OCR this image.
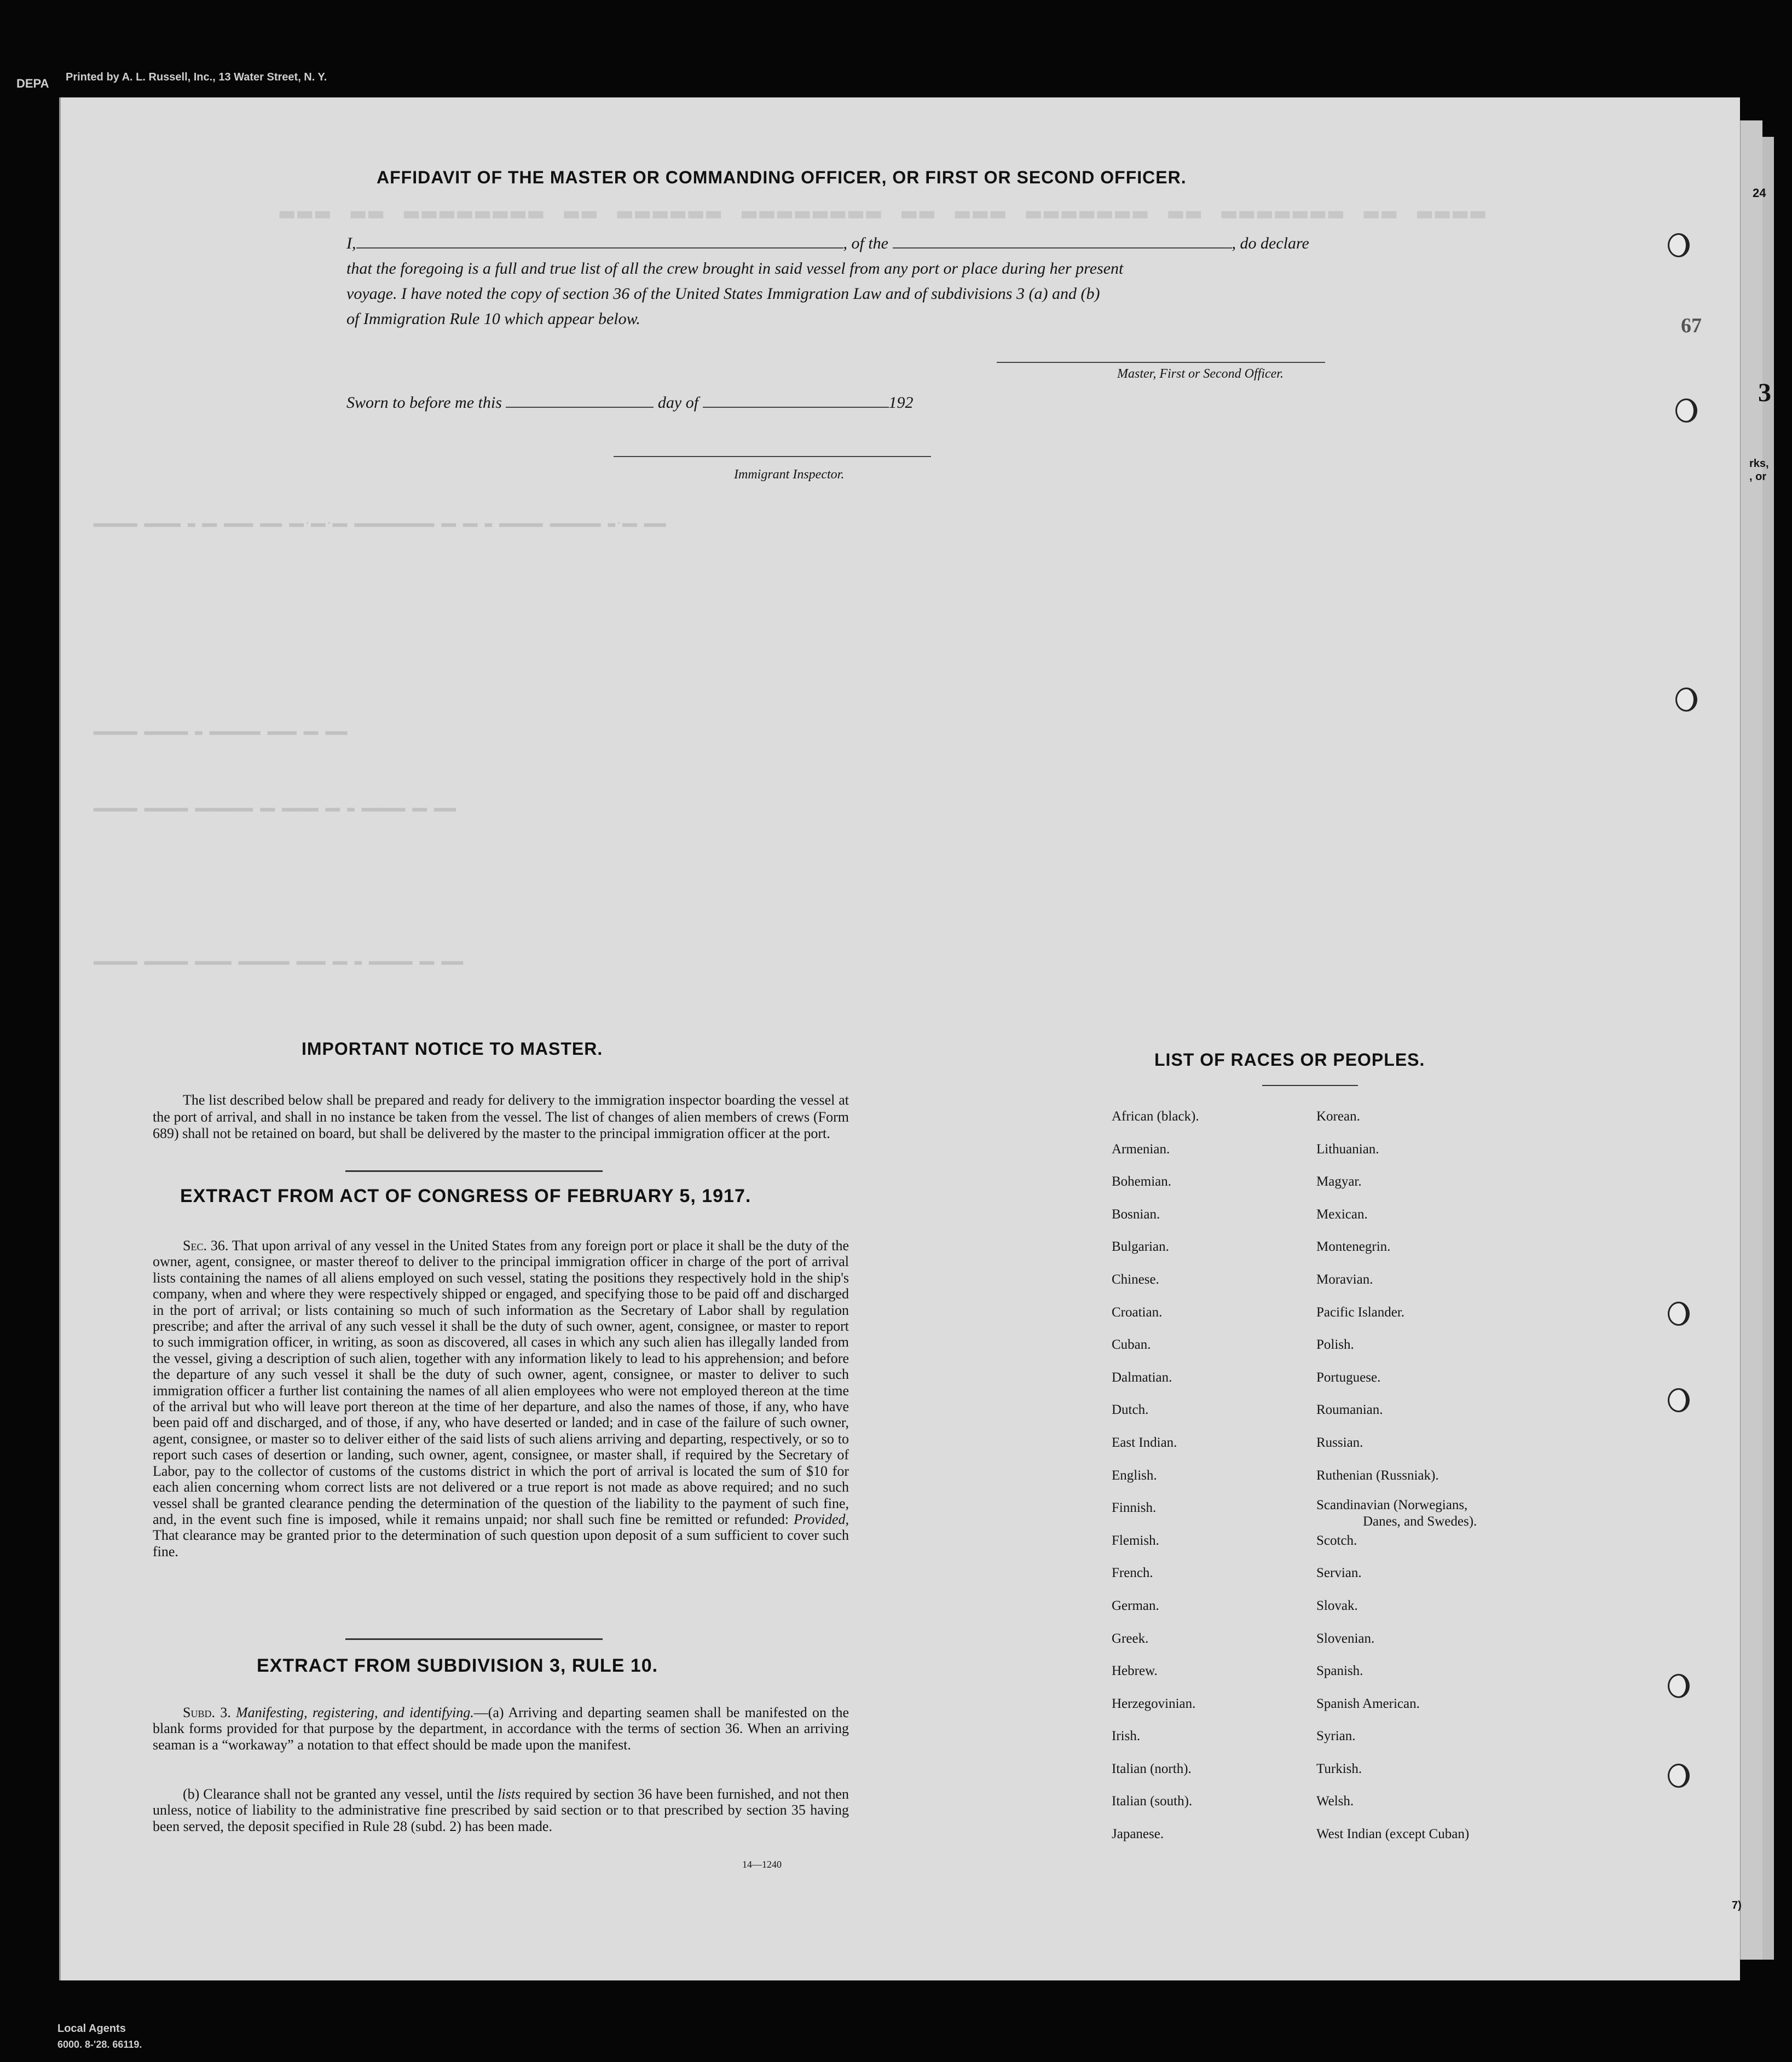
Printed by A. L. Russell, Inc., 13 Water Street, N. Y.
DEPA
Local Agents
6000. 8-'28. 66119.
▂▂▂ ▂▂ ▂▂▂▂▂▂▂▂ ▂▂ ▂▂▂▂▂▂ ▂▂▂▂▂▂▂▂ ▂▂ ▂▂▂ ▂▂▂▂▂▂▂ ▂▂ ▂▂▂▂▂▂▂ ▂▂ ▂▂▂▂
▂▂▂▂▂▂ ▂▂▂▂▂ ▂ ▂▂ ▂▂▂▂ ▂▂▂ ▂▂.▂▂.▂▂ ▂▂▂▂▂▂▂▂▂▂▂ ▂▂ ▂▂ ▂ ▂▂▂▂▂▂ ▂▂▂▂▂▂▂ ▂.▂▂ ▂▂▂
▂▂▂▂▂▂ ▂▂▂▂▂▂ ▂ ▂▂▂▂▂▂▂ ▂▂▂▂ ▂▂ ▂▂▂
▂▂▂▂▂▂ ▂▂▂▂▂▂ ▂▂▂▂▂▂▂▂ ▂▂ ▂▂▂▂▂ ▂▂ ▂ ▂▂▂▂▂▂ ▂▂ ▂▂▂
▂▂▂▂▂▂ ▂▂▂▂▂▂ ▂▂▂▂▂ ▂▂▂▂▂▂▂ ▂▂▂▂ ▂▂ ▂ ▂▂▂▂▂▂ ▂▂ ▂▂▂
AFFIDAVIT OF THE MASTER OR COMMANDING OFFICER, OR FIRST OR SECOND OFFICER.
I,	, of the	, do declare
that the foregoing is a full and true list of all the crew brought in said vessel from any port or place during her present
voyage. I have noted the copy of section 36 of the United States Immigration Law and of subdivisions 3 (a) and (b)
of Immigration Rule 10 which appear below.
Master, First or Second Officer.
Sworn to before me this	day of	192
Immigrant Inspector.
IMPORTANT NOTICE TO MASTER.
The list described below shall be prepared and ready for delivery to the immigration inspector boarding the vessel at the port of arrival, and shall in no instance be taken from the vessel. The list of changes of alien members of crews (Form 689) shall not be retained on board, but shall be delivered by the master to the principal immigration officer at the port.
EXTRACT FROM ACT OF CONGRESS OF FEBRUARY 5, 1917.
Sec. 36. That upon arrival of any vessel in the United States from any foreign port or place it shall be the duty of the owner, agent, consignee, or master thereof to deliver to the principal immigration officer in charge of the port of arrival lists containing the names of all aliens employed on such vessel, stating the positions they respectively hold in the ship's company, when and where they were respectively shipped or engaged, and specifying those to be paid off and discharged in the port of arrival; or lists containing so much of such information as the Secretary of Labor shall by regulation prescribe; and after the arrival of any such vessel it shall be the duty of such owner, agent, consignee, or master to report to such immigration officer, in writing, as soon as discovered, all cases in which any such alien has illegally landed from the vessel, giving a description of such alien, together with any information likely to lead to his apprehension; and before the departure of any such vessel it shall be the duty of such owner, agent, consignee, or master to deliver to such immigration officer a further list containing the names of all alien employees who were not employed thereon at the time of the arrival but who will leave port thereon at the time of her departure, and also the names of those, if any, who have been paid off and discharged, and of those, if any, who have deserted or landed; and in case of the failure of such owner, agent, consignee, or master so to deliver either of the said lists of such aliens arriving and departing, respectively, or so to report such cases of desertion or landing, such owner, agent, consignee, or master shall, if required by the Secretary of Labor, pay to the collector of customs of the customs district in which the port of arrival is located the sum of $10 for each alien concerning whom correct lists are not delivered or a true report is not made as above required; and no such vessel shall be granted clearance pending the determination of the question of the liability to the payment of such fine, and, in the event such fine is imposed, while it remains unpaid; nor shall such fine be remitted or refunded: Provided, That clearance may be granted prior to the determination of such question upon deposit of a sum sufficient to cover such fine.
EXTRACT FROM SUBDIVISION 3, RULE 10.
Subd. 3. Manifesting, registering, and identifying.—(a) Arriving and departing seamen shall be manifested on the blank forms provided for that purpose by the department, in accordance with the terms of section 36. When an arriving seaman is a “workaway” a notation to that effect should be made upon the manifest.
(b) Clearance shall not be granted any vessel, until the lists required by section 36 have been furnished, and not then unless, notice of liability to the administrative fine prescribed by said section or to that prescribed by section 35 having been served, the deposit specified in Rule 28 (subd. 2) has been made.
14—1240
LIST OF RACES OR PEOPLES.
African (black).
Armenian.
Bohemian.
Bosnian.
Bulgarian.
Chinese.
Croatian.
Cuban.
Dalmatian.
Dutch.
East Indian.
English.
Finnish.
Flemish.
French.
German.
Greek.
Hebrew.
Herzegovinian.
Irish.
Italian (north).
Italian (south).
Japanese.
Korean.
Lithuanian.
Magyar.
Mexican.
Montenegrin.
Moravian.
Pacific Islander.
Polish.
Portuguese.
Roumanian.
Russian.
Ruthenian (Russniak).
Scandinavian (Norwegians,
Danes, and Swedes).
Scotch.
Servian.
Slovak.
Slovenian.
Spanish.
Spanish American.
Syrian.
Turkish.
Welsh.
West Indian (except Cuban)
67
24
3
rks,
, or
7)
